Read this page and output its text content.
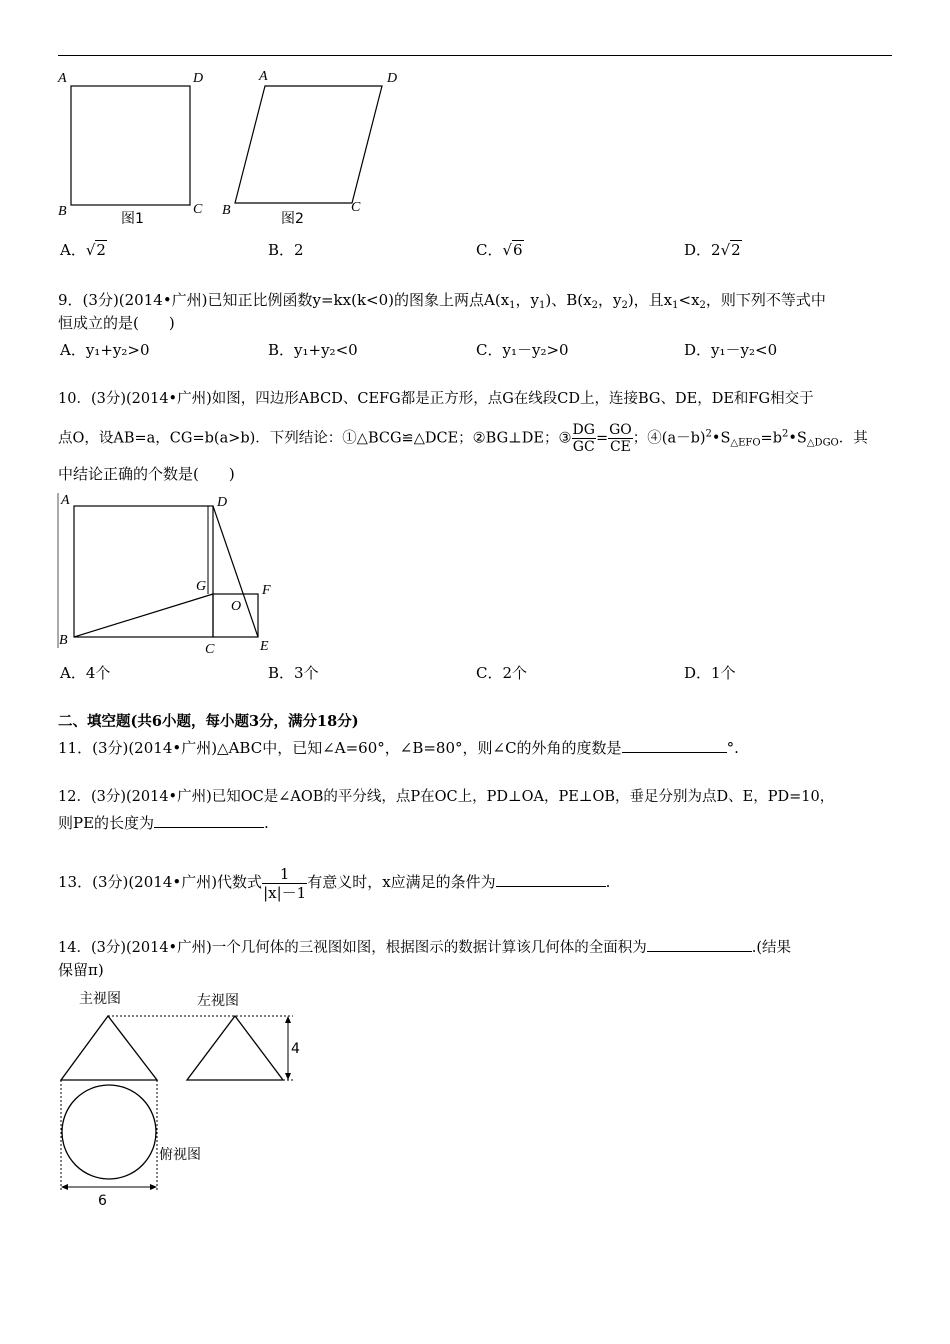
A	D
B	C
图1
A	D
B	C
图2
A．√2	B．2	C．√6	D．2√2
9．(3分)(2014•广州)已知正比例函数y=kx(k<0)的图象上两点$A(x_1$，$y_1$)、$B(x_2$，$y_2$)，且$x_1<x_2$，则下列不等式中
恒成立的是(　　)
A．y₁+y₂>0	B．y₁+y₂<0	C．y₁－y₂>0	D．y₁－y₂<0
10．(3分)(2014•广州)如图，四边形ABCD、CEFG都是正方形，点G在线段CD上，连接BG、DE，DE和FG相交于
点O，设AB=a，CG=b(a>b)．下列结论：①△BCG≌△DCE；②BG⊥DE；③ $\frac{DG}{GC} = \frac{GO}{CE}$ ；$④(a-b)^2•S_{\triangle EFO}=b^2•S_{\triangle DGO}$．其
中结论正确的个数是(　　)
A	D
G	F
O
B
C	E
A．4个	B．3个	C．2个	D．1个
二、填空题(共6小题，每小题3分，满分18分)
11．(3分)(2014•广州)△ABC中，已知∠A=60°，∠B=80°，则∠C的外角的度数是	°.
12．(3分)(2014•广州)已知OC是∠AOB的平分线，点P在OC上，PD⊥OA，PE⊥OB，垂足分别为点D、E，PD=10，
则PE的长度为	.
13．(3分)(2014•广州)代数式 $\frac{1}{|x|-1}$ 有意义时，x应满足的条件为	.
14．(3分)(2014•广州)一个几何体的三视图如图，根据图示的数据计算该几何体的全面积为	.(结果
保留π)
主视图	左视图
俯视图
4
6
